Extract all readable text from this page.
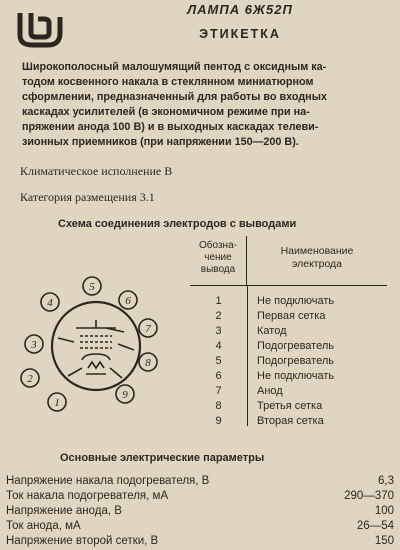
ЛАМПА 6Ж52П
ЭТИКЕТКА
Широкополосный малошумящий пентод с оксидным ка-
тодом косвенного накала в стеклянном миниатюрном
сформлении, предназначенный для работы во входных
каскадах усилителей (в экономичном режиме при на-
пряжении анода 100 В) и в выходных каскадах телеви-
зионных приемников (при напряжении 150—200 В).
Климатическое исполнение В
Категория размещения 3.1
Схема соединения электродов с выводами
5
6
7
8
9
1
2
3
4
Обозна-
чение
вывода
Наименование
электрода
1	Не подключать
2	Первая сетка
3	Катод
4	Подогреватель
5	Подогреватель
6	Не подключать
7	Анод
8	Третья сетка
9	Вторая сетка
Основные электрические параметры
Напряжение накала подогревателя, В	6,3
Ток накала подогревателя, мА	290—370
Напряжение анода, В	100
Ток анода, мА	26—54
Напряжение второй сетки, В	150
